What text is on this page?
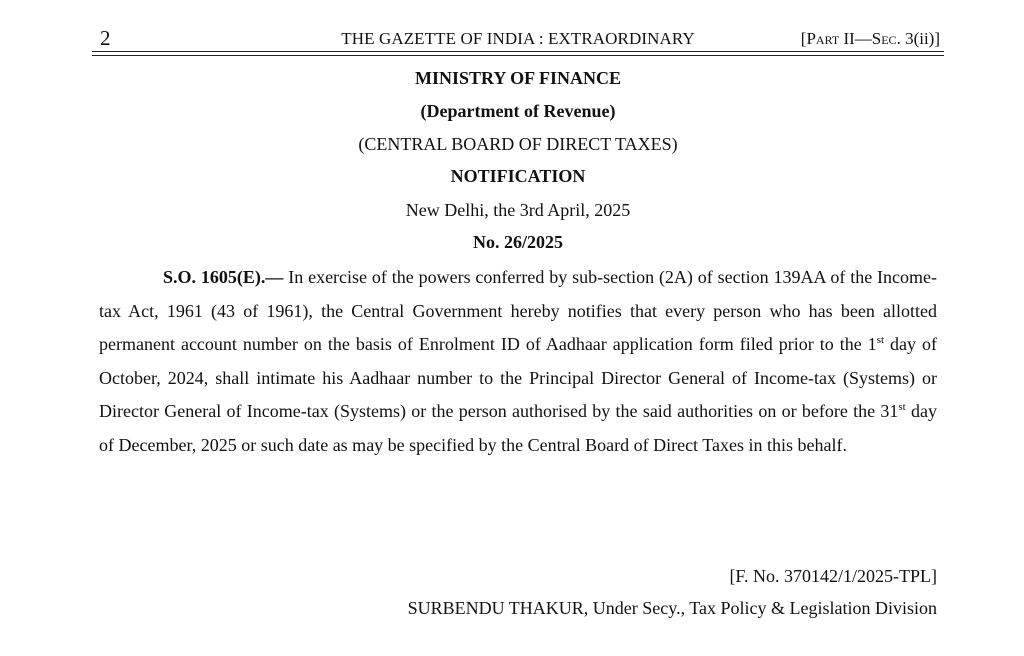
2	THE GAZETTE OF INDIA : EXTRAORDINARY	[Part II—Sec. 3(ii)]
MINISTRY OF FINANCE
(Department of Revenue)
(CENTRAL BOARD OF DIRECT TAXES)
NOTIFICATION
New Delhi, the 3rd April, 2025
No. 26/2025
S.O. 1605(E).— In exercise of the powers conferred by sub-section (2A) of section 139AA of the Income-tax Act, 1961 (43 of 1961), the Central Government hereby notifies that every person who has been allotted permanent account number on the basis of Enrolment ID of Aadhaar application form filed prior to the 1st day of October, 2024, shall intimate his Aadhaar number to the Principal Director General of Income-tax (Systems) or Director General of Income-tax (Systems) or the person authorised by the said authorities on or before the 31st day of December, 2025 or such date as may be specified by the Central Board of Direct Taxes in this behalf.
[F. No. 370142/1/2025-TPL]
SURBENDU THAKUR, Under Secy., Tax Policy & Legislation Division
